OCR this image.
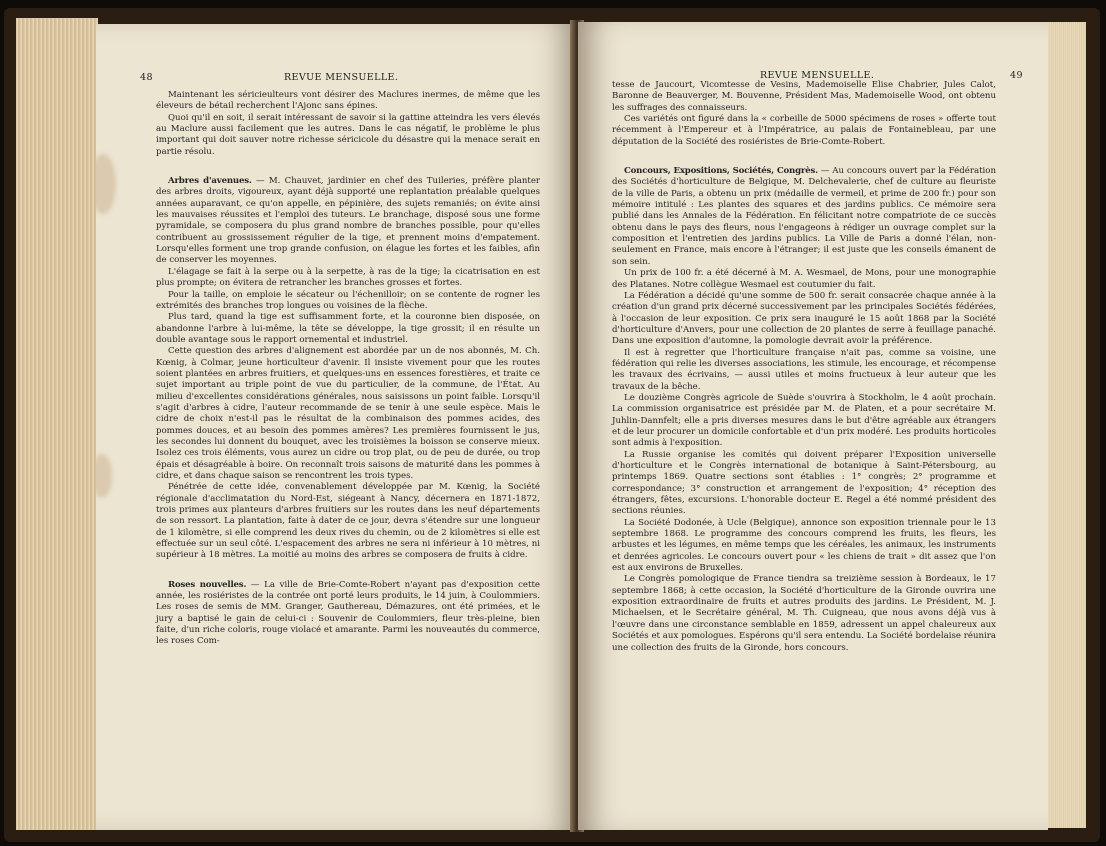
48	REVUE MENSUELLE.

Maintenant les séricieulteurs vont désirer des Maclures inermes, de même que les éleveurs de bétail recherchent l'Ajonc sans épines.

Quoi qu'il en soit, il serait intéressant de savoir si la gattine atteindra les vers élevés au Maclure aussi facilement que les autres. Dans le cas négatif, le problème le plus important qui doit sauver notre richesse séricicole du désastre qui la menace serait en partie résolu.

Arbres d'avenues. — M. Chauvet, jardinier en chef des Tuileries, préfère planter des arbres droits, vigoureux, ayant déjà supporté une replantation préalable quelques années auparavant, ce qu'on appelle, en pépinière, des sujets remaniés; on évite ainsi les mauvaises réussites et l'emploi des tuteurs. Le branchage, disposé sous une forme pyramidale, se composera du plus grand nombre de branches possible, pour qu'elles contribuent au grossissement régulier de la tige, et prennent moins d'empatement. Lorsqu'elles forment une trop grande confusion, on élague les fortes et les faibles, afin de conserver les moyennes.

L'élagage se fait à la serpe ou à la serpette, à ras de la tige; la cicatrisation en est plus prompte; on évitera de retrancher les branches grosses et fortes.

Pour la taille, on emploie le sécateur ou l'échenilloir; on se contente de rogner les extrémités des branches trop longues ou voisines de la flèche.

Plus tard, quand la tige est suffisamment forte, et la couronne bien disposée, on abandonne l'arbre à lui-même, la tête se développe, la tige grossit; il en résulte un double avantage sous le rapport ornemental et industriel.

Cette question des arbres d'alignement est abordée par un de nos abonnés, M. Ch. Kœnig, à Colmar, jeune horticulteur d'avenir. Il insiste vivement pour que les routes soient plantées en arbres fruitiers, et quelques-uns en essences forestières, et traite ce sujet important au triple point de vue du particulier, de la commune, de l'État. Au milieu d'excellentes considérations générales, nous saisissons un point faible. Lorsqu'il s'agit d'arbres à cidre, l'auteur recommande de se tenir à une seule espèce. Mais le cidre de choix n'est-il pas le résultat de la combinaison des pommes acides, des pommes douces, et au besoin des pommes amères? Les premières fournissent le jus, les secondes lui donnent du bouquet, avec les troisièmes la boisson se conserve mieux. Isolez ces trois éléments, vous aurez un cidre ou trop plat, ou de peu de durée, ou trop épais et désagréable à boire. On reconnaît trois saisons de maturité dans les pommes à cidre, et dans chaque saison se rencontrent les trois types.

Pénétrée de cette idée, convenablement développée par M. Kœnig, la Société régionale d'acclimatation du Nord-Est, siégeant à Nancy, décernera en 1871-1872, trois primes aux planteurs d'arbres fruitiers sur les routes dans les neuf départements de son ressort. La plantation, faite à dater de ce jour, devra s'étendre sur une longueur de 1 kilomètre, si elle comprend les deux rives du chemin, ou de 2 kilomètres si elle est effectuée sur un seul côté. L'espacement des arbres ne sera ni inférieur à 10 mètres, ni supérieur à 18 mètres. La moitié au moins des arbres se composera de fruits à cidre.

Roses nouvelles. — La ville de Brie-Comte-Robert n'ayant pas d'exposition cette année, les rosiéristes de la contrée ont porté leurs produits, le 14 juin, à Coulommiers. Les roses de semis de MM. Granger, Gauthereau, Démazures, ont été primées, et le jury a baptisé le gain de celui-ci : Souvenir de Coulommiers, fleur très-pleine, bien faite, d'un riche coloris, rouge violacé et amarante. Parmi les nouveautés du commerce, les roses Com-

REVUE MENSUELLE.	49

tesse de Jaucourt, Vicomtesse de Vesins, Mademoiselle Elise Chabrier, Jules Calot, Baronne de Beauverger, M. Bouvenne, Président Mas, Mademoiselle Wood, ont obtenu les suffrages des connaisseurs.

Ces variétés ont figuré dans la « corbeille de 5000 spécimens de roses » offerte tout récemment à l'Empereur et à l'Impératrice, au palais de Fontainebleau, par une députation de la Société des rosiéristes de Brie-Comte-Robert.

Concours, Expositions, Sociétés, Congrès. — Au concours ouvert par la Fédération des Sociétés d'horticulture de Belgique, M. Delchevalerie, chef de culture au fleuriste de la ville de Paris, a obtenu un prix (médaille de vermeil, et prime de 200 fr.) pour son mémoire intitulé : Les plantes des squares et des jardins publics. Ce mémoire sera publié dans les Annales de la Fédération. En félicitant notre compatriote de ce succès obtenu dans le pays des fleurs, nous l'engageons à rédiger un ouvrage complet sur la composition et l'entretien des jardins publics. La Ville de Paris a donné l'élan, non-seulement en France, mais encore à l'étranger; il est juste que les conseils émanent de son sein.

Un prix de 100 fr. a été décerné à M. A. Wesmael, de Mons, pour une monographie des Platanes. Notre collègue Wesmael est coutumier du fait.

La Fédération a décidé qu'une somme de 500 fr. serait consacrée chaque année à la création d'un grand prix décerné successivement par les principales Sociétés fédérées, à l'occasion de leur exposition. Ce prix sera inauguré le 15 août 1868 par la Société d'horticulture d'Anvers, pour une collection de 20 plantes de serre à feuillage panaché. Dans une exposition d'automne, la pomologie devrait avoir la préférence.

Il est à regretter que l'horticulture française n'ait pas, comme sa voisine, une fédération qui relie les diverses associations, les stimule, les encourage, et récompense les travaux des écrivains, — aussi utiles et moins fructueux à leur auteur que les travaux de la bêche.

Le douzième Congrès agricole de Suède s'ouvrira à Stockholm, le 4 août prochain. La commission organisatrice est présidée par M. de Platen, et a pour secrétaire M. Juhlin-Dannfelt; elle a pris diverses mesures dans le but d'être agréable aux étrangers et de leur procurer un domicile confortable et d'un prix modéré. Les produits horticoles sont admis à l'exposition.

La Russie organise les comités qui doivent préparer l'Exposition universelle d'horticulture et le Congrès international de botanique à Saint-Pétersbourg, au printemps 1869. Quatre sections sont établies : 1° congrès; 2° programme et correspondance; 3° construction et arrangement de l'exposition; 4° réception des étrangers, fêtes, excursions. L'honorable docteur E. Regel a été nommé président des sections réunies.

La Société Dodonée, à Ucle (Belgique), annonce son exposition triennale pour le 13 septembre 1868. Le programme des concours comprend les fruits, les fleurs, les arbustes et les légumes, en même temps que les céréales, les animaux, les instruments et denrées agricoles. Le concours ouvert pour « les chiens de trait » dit assez que l'on est aux environs de Bruxelles.

Le Congrès pomologique de France tiendra sa treizième session à Bordeaux, le 17 septembre 1868; à cette occasion, la Société d'horticulture de la Gironde ouvrira une exposition extraordinaire de fruits et autres produits des jardins. Le Président, M. J. Michaelsen, et le Secrétaire général, M. Th. Cuigneau, que nous avons déjà vus à l'œuvre dans une circonstance semblable en 1859, adressent un appel chaleureux aux Sociétés et aux pomologues. Espérons qu'il sera entendu. La Société bordelaise réunira une collection des fruits de la Gironde, hors concours.
